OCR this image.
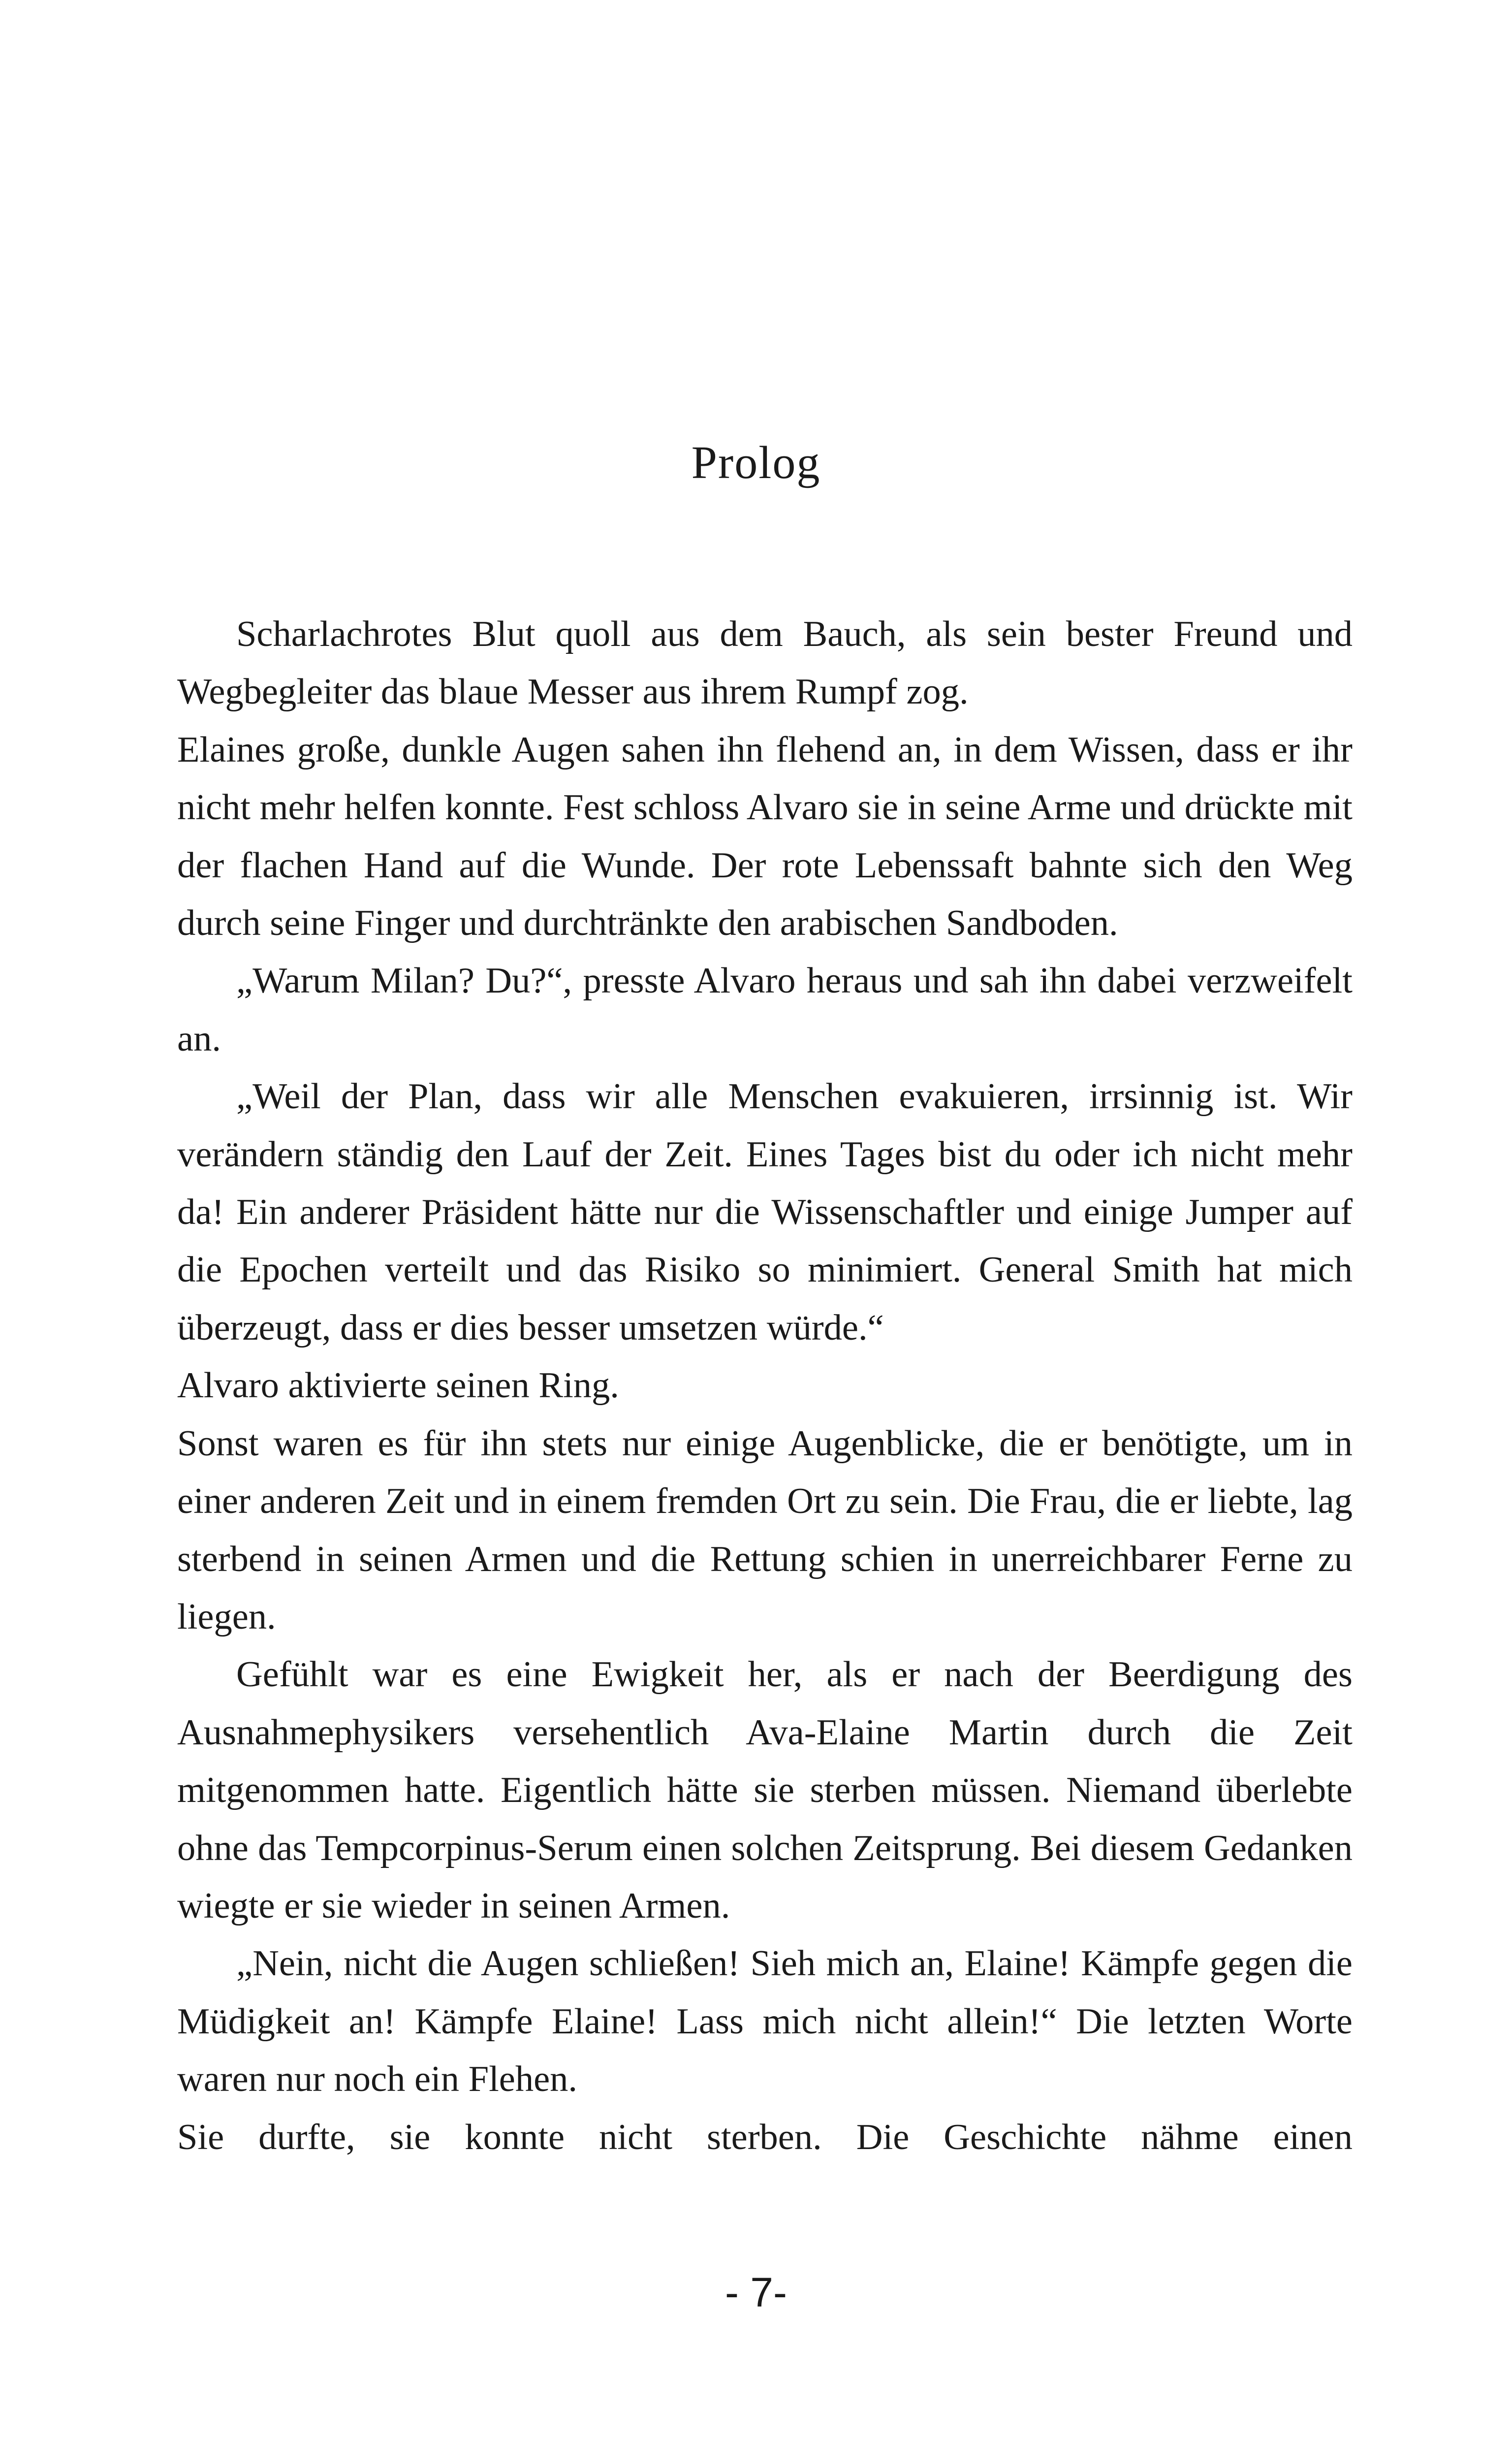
Prolog

Scharlachrotes Blut quoll aus dem Bauch, als sein bester Freund und Wegbegleiter das blaue Messer aus ihrem Rumpf zog.

Elaines große, dunkle Augen sahen ihn flehend an, in dem Wissen, dass er ihr nicht mehr helfen konnte. Fest schloss Alvaro sie in seine Arme und drückte mit der flachen Hand auf die Wunde. Der rote Lebenssaft bahnte sich den Weg durch seine Finger und durchtränkte den arabischen Sandboden.

„Warum Milan? Du?“, presste Alvaro heraus und sah ihn dabei verzweifelt an.

„Weil der Plan, dass wir alle Menschen evakuieren, irrsinnig ist. Wir verändern ständig den Lauf der Zeit. Eines Tages bist du oder ich nicht mehr da! Ein anderer Präsident hätte nur die Wissenschaftler und einige Jumper auf die Epochen verteilt und das Risiko so minimiert. General Smith hat mich überzeugt, dass er dies besser umsetzen würde.“

Alvaro aktivierte seinen Ring.

Sonst waren es für ihn stets nur einige Augenblicke, die er benötigte, um in einer anderen Zeit und in einem fremden Ort zu sein. Die Frau, die er liebte, lag sterbend in seinen Armen und die Rettung schien in unerreichbarer Ferne zu liegen.

Gefühlt war es eine Ewigkeit her, als er nach der Beerdigung des Ausnahmephysikers versehentlich Ava-Elaine Martin durch die Zeit mitgenommen hatte. Eigentlich hätte sie sterben müssen. Niemand überlebte ohne das Tempcorpinus-Serum einen solchen Zeitsprung. Bei diesem Gedanken wiegte er sie wieder in seinen Armen.

„Nein, nicht die Augen schließen! Sieh mich an, Elaine! Kämpfe gegen die Müdigkeit an! Kämpfe Elaine! Lass mich nicht allein!“ Die letzten Worte waren nur noch ein Flehen.

Sie durfte, sie konnte nicht sterben. Die Geschichte nähme einen

- 7-
